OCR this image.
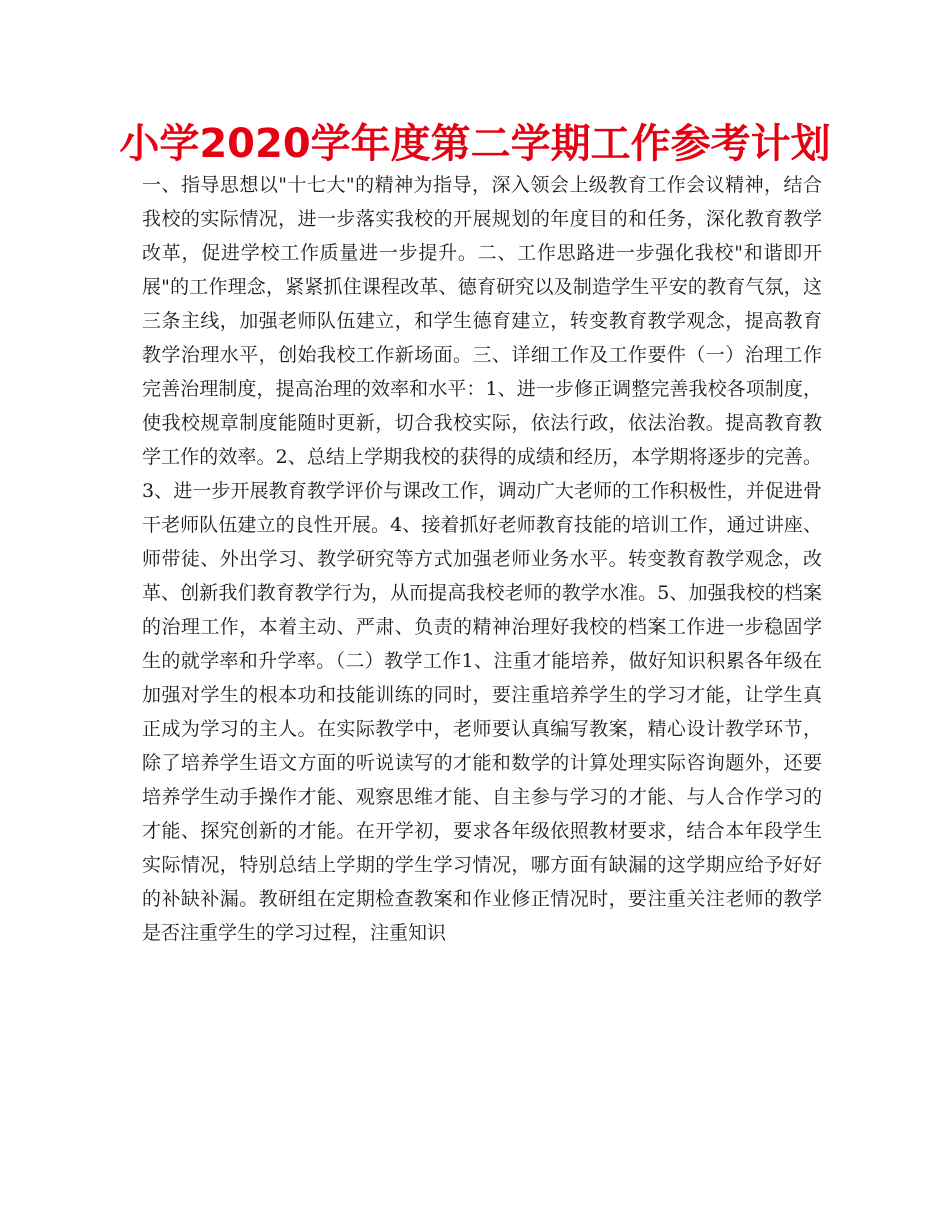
小学2020学年度第二学期工作参考计划

一、指导思想以"十七大"的精神为指导，深入领会上级教育工作会议精神，结合我校的实际情况，进一步落实我校的开展规划的年度目的和任务，深化教育教学改革，促进学校工作质量进一步提升。二、工作思路进一步强化我校"和谐即开展"的工作理念，紧紧抓住课程改革、德育研究以及制造学生平安的教育气氛，这三条主线，加强老师队伍建立，和学生德育建立，转变教育教学观念，提高教育教学治理水平，创始我校工作新场面。三、详细工作及工作要件（一）治理工作完善治理制度，提高治理的效率和水平：1、进一步修正调整完善我校各项制度，使我校规章制度能随时更新，切合我校实际，依法行政，依法治教。提高教育教学工作的效率。2、总结上学期我校的获得的成绩和经历，本学期将逐步的完善。3、进一步开展教育教学评价与课改工作，调动广大老师的工作积极性，并促进骨干老师队伍建立的良性开展。4、接着抓好老师教育技能的培训工作，通过讲座、师带徒、外出学习、教学研究等方式加强老师业务水平。转变教育教学观念，改革、创新我们教育教学行为，从而提高我校老师的教学水准。5、加强我校的档案的治理工作，本着主动、严肃、负责的精神治理好我校的档案工作进一步稳固学生的就学率和升学率。（二）教学工作1、注重才能培养，做好知识积累各年级在加强对学生的根本功和技能训练的同时，要注重培养学生的学习才能，让学生真正成为学习的主人。在实际教学中，老师要认真编写教案，精心设计教学环节，除了培养学生语文方面的听说读写的才能和数学的计算处理实际咨询题外，还要培养学生动手操作才能、观察思维才能、自主参与学习的才能、与人合作学习的才能、探究创新的才能。在开学初，要求各年级依照教材要求，结合本年段学生实际情况，特别总结上学期的学生学习情况，哪方面有缺漏的这学期应给予好好的补缺补漏。教研组在定期检查教案和作业修正情况时，要注重关注老师的教学是否注重学生的学习过程，注重知识
